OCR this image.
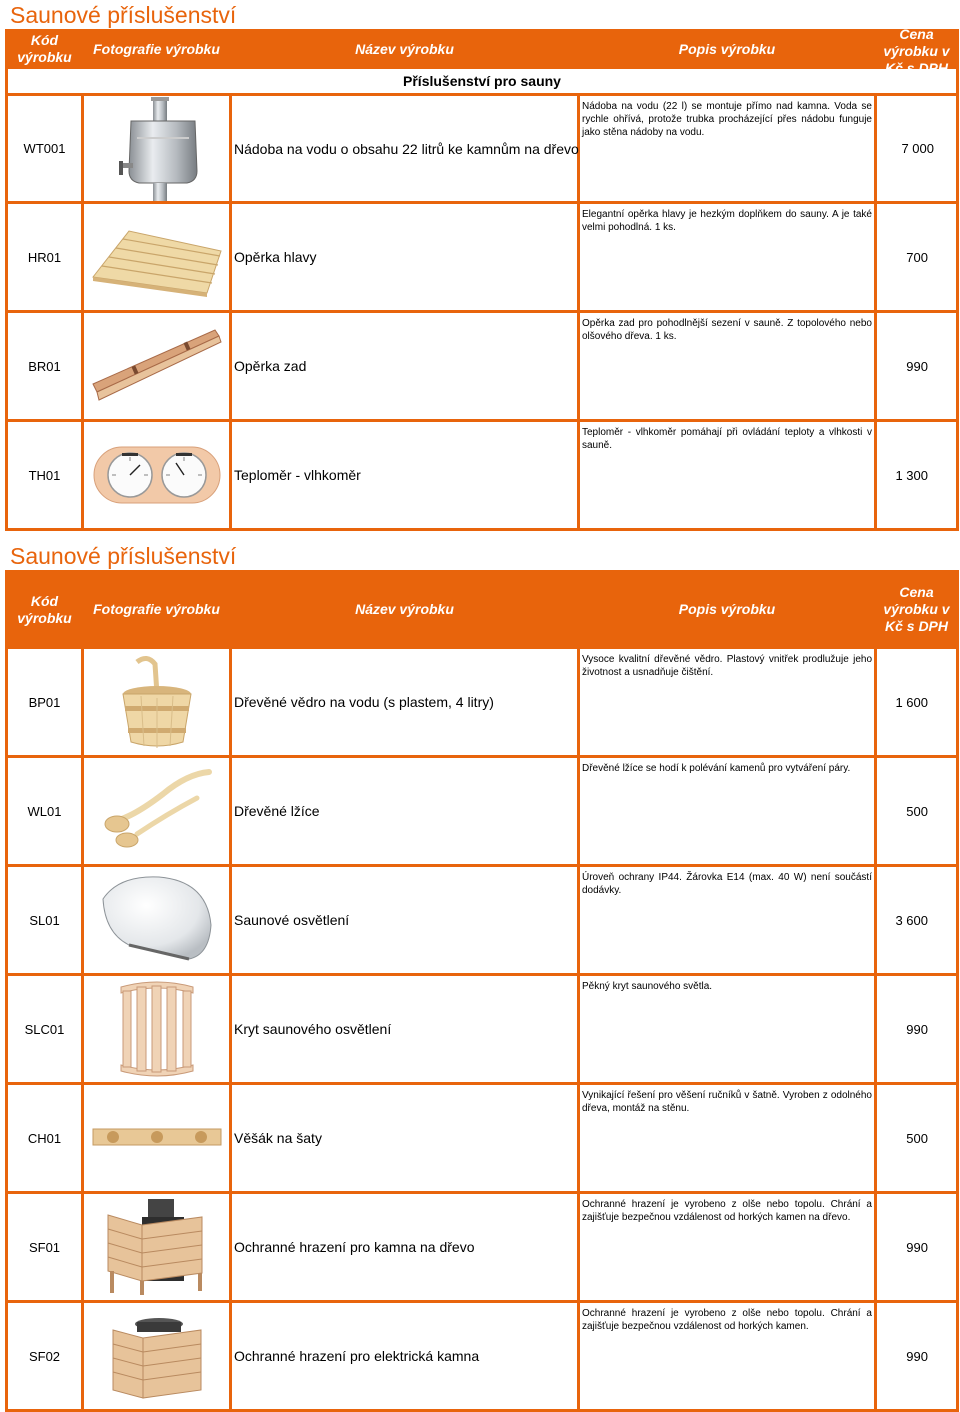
Saunové příslušenství
Kód výrobku	Fotografie výrobku	Název výrobku	Popis výrobku	Cena výrobku v Kč s DPH

Příslušenství pro sauny				
WT001		Nádoba na vodu o obsahu 22 litrů ke kamnům na dřevo	Nádoba na vodu (22 l) se montuje přímo nad kamna. Voda se rychle ohřívá, protože trubka procházející přes nádobu funguje jako stěna nádoby na vodu.	7 000
HR01		Opěrka hlavy	Elegantní opěrka hlavy je hezkým doplňkem do sauny. A je také velmi pohodlná. 1 ks.	700
BR01		Opěrka zad	Opěrka zad pro pohodlnější sezení v sauně. Z topolového nebo olšového dřeva. 1 ks.	990
TH01		Teploměr - vlhkoměr	Teploměr - vlhkoměr pomáhají při ovládání teploty a vlhkosti v sauně.	1 300
Saunové příslušenství
Kód výrobku	Fotografie výrobku	Název výrobku	Popis výrobku	Cena výrobku v Kč s DPH
BP01		Dřevěné vědro na vodu (s plastem, 4 litry)	Vysoce kvalitní dřevěné vědro. Plastový vnitřek prodlužuje jeho životnost a usnadňuje čištění.	1 600
WL01		Dřevěné lžíce	Dřevěné lžíce se hodí k polévání kamenů pro vytváření páry.	500
SL01		Saunové osvětlení	Úroveň ochrany IP44. Žárovka E14 (max. 40 W) není součástí dodávky.	3 600
SLC01		Kryt saunového osvětlení	Pěkný kryt saunového světla.	990
CH01		Věšák na šaty	Vynikající řešení pro věšení ručníků v šatně. Vyroben z odolného dřeva, montáž na stěnu.	500
SF01		Ochranné hrazení pro kamna na dřevo	Ochranné hrazení je vyrobeno z olše nebo topolu. Chrání a zajišťuje bezpečnou vzdálenost od horkých kamen na dřevo.	990
SF02		Ochranné hrazení pro elektrická kamna	Ochranné hrazení je vyrobeno z olše nebo topolu. Chrání a zajišťuje bezpečnou vzdálenost od horkých kamen.	990
